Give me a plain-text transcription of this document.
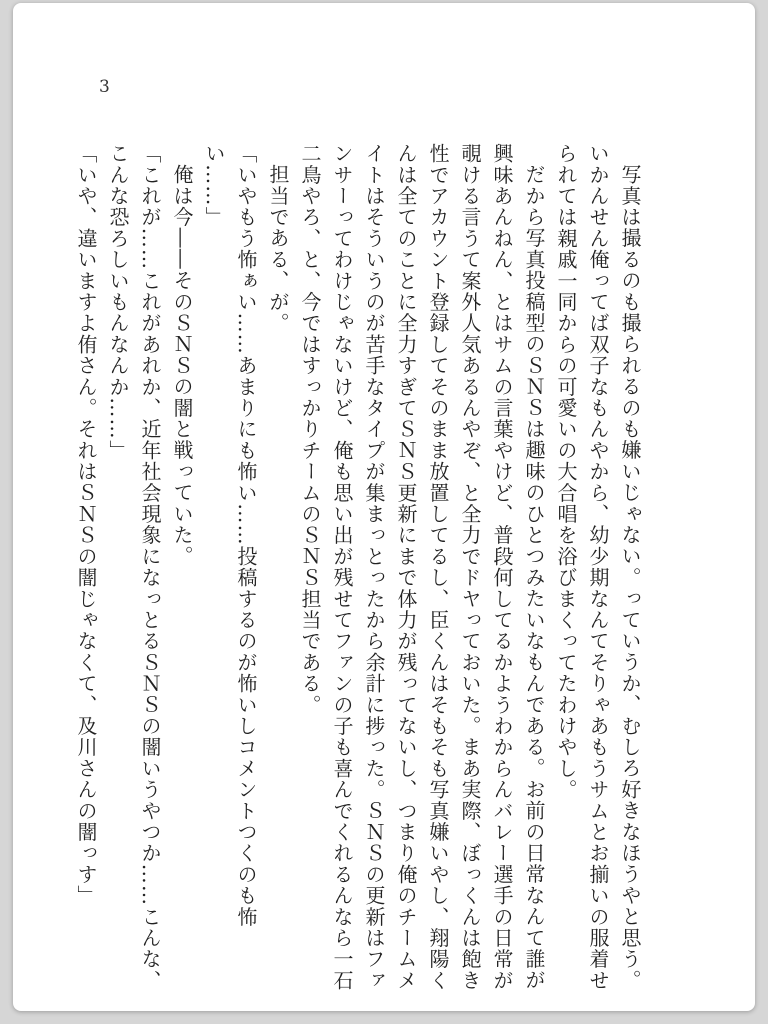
3

写真は撮るのも撮られるのも嫌いじゃない。っていうか、むしろ好きなほうやと思う。いかんせん俺ってば双子なもんやから、幼少期なんてそりゃあもうサムとお揃いの服着せられては親戚一同からの可愛いの大合唱を浴びまくってたわけやし。

だから写真投稿型のＳＮＳは趣味のひとつみたいなもんである。お前の日常なんて誰が興味あんねん、とはサムの言葉やけど、普段何してるかようわからんバレー選手の日常が覗ける言うて案外人気あるんやぞ、と全力でドヤっておいた。まあ実際、ぼっくんは飽き性でアカウント登録してそのまま放置してるし、臣くんはそもそも写真嫌いやし、翔陽くんは全てのことに全力すぎてＳＮＳ更新にまで体力が残ってないし、つまり俺のチームメイトはそういうのが苦手なタイプが集まっとったから余計に捗った。ＳＮＳの更新はファンサーってわけじゃないけど、俺も思い出が残せてファンの子も喜んでくれるんなら一石二鳥やろ、と、今ではすっかりチームのＳＮＳ担当である。

担当である、が。

「いやもう怖ぁい……あまりにも怖い……投稿するのが怖いしコメントつくのも怖い……」

俺は今――そのＳＮＳの闇と戦っていた。

「これが……これがあれか、近年社会現象になっとるＳＮＳの闇いうやつか……こんな、こんな恐ろしいもんなんか……」

「いや、違いますよ侑さん。それはＳＮＳの闇じゃなくて、及川さんの闇っす」
